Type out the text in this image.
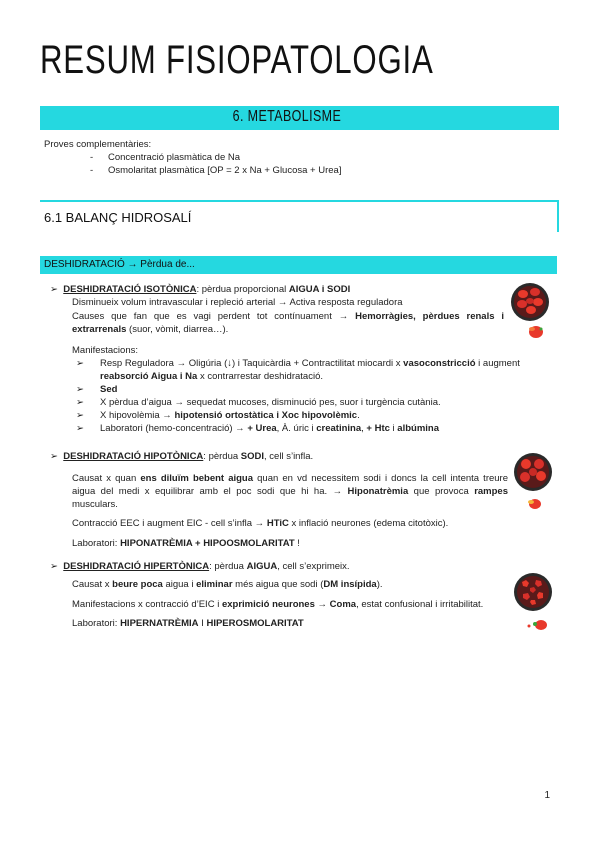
RESUM FISIOPATOLOGIA
6. METABOLISME
Proves complementàries:
- Concentració plasmàtica de Na
- Osmolaritat plasmàtica [OP = 2 x Na + Glucosa + Urea]
6.1 BALANÇ HIDROSALÍ
DESHIDRATACIÓ → Pèrdua de...
➢ DESHIDRATACIÓ ISOTÒNICA: pèrdua proporcional AIGUA i SODI
Disminueix volum intravascular i repleció arterial → Activa resposta reguladora
Causes que fan que es vagi perdent tot contínuament → Hemorràgies, pèrdues renals i extrarrenals (suor, vòmit, diarrea…).
Manifestacions:
➢ Resp Reguladora → Oligúria (↓) i Taquicàrdia + Contractilitat miocardi x vasoconstricció i augment reabsorció Aigua i Na x contrarrestar deshidratació.
➢ Sed
➢ X pèrdua d’aigua → sequedat mucoses, disminució pes, suor i turgència cutània.
➢ X hipovolèmia → hipotensió ortostàtica i Xoc hipovolèmic.
➢ Laboratori (hemo-concentració) → + Urea, À. úric i creatinina, + Htc i albúmina
➢ DESHIDRATACIÓ HIPOTÒNICA: pèrdua SODI, cell s’infla.
Causat x quan ens diluïm bebent aigua quan en vd necessitem sodi i doncs la cell intenta treure aigua del medi x equilibrar amb el poc sodi que hi ha. → Hiponatrèmia que provoca rampes musculars.
Contracció EEC i augment EIC - cell s’infla → HTiC x inflació neurones (edema citotòxic).
Laboratori: HIPONATRÈMIA + HIPOOSMOLARITAT !
➢ DESHIDRATACIÓ HIPERTÒNICA: pèrdua AIGUA, cell s’exprimeix.
Causat x beure poca aigua i eliminar més aigua que sodi (DM insípida).
Manifestacions x contracció d’EIC i exprimició neurones → Coma, estat confusional i irritabilitat.
Laboratori: HIPERNATRÈMIA I HIPEROSMOLARITAT
1
